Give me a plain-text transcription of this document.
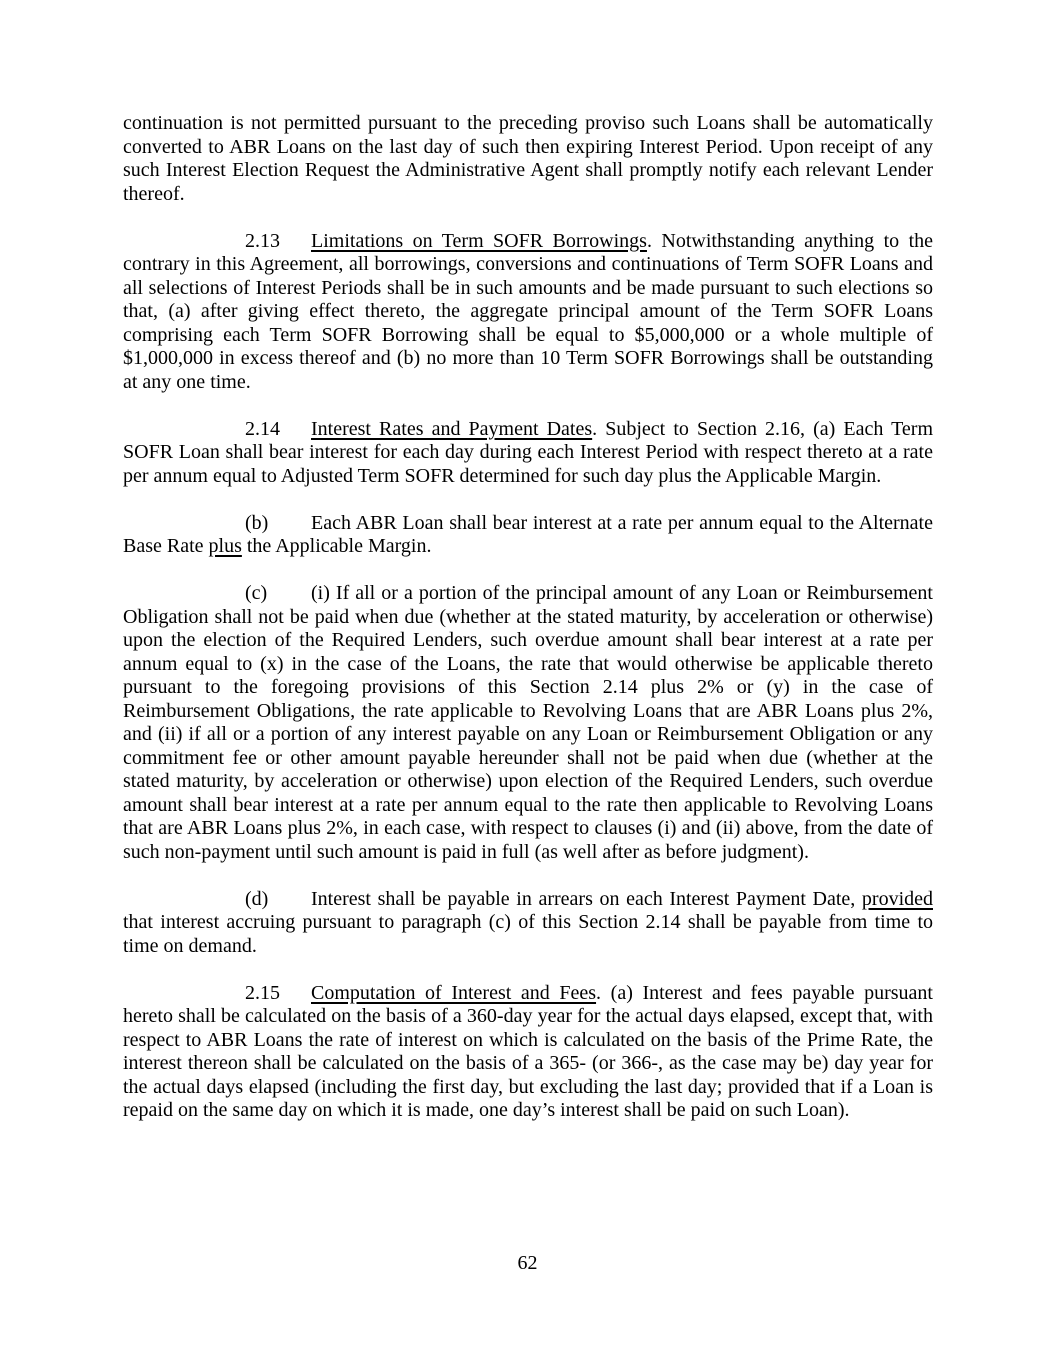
continuation is not permitted pursuant to the preceding proviso such Loans shall be automatically converted to ABR Loans on the last day of such then expiring Interest Period. Upon receipt of any such Interest Election Request the Administrative Agent shall promptly notify each relevant Lender thereof.

2.13 Limitations on Term SOFR Borrowings. Notwithstanding anything to the contrary in this Agreement, all borrowings, conversions and continuations of Term SOFR Loans and all selections of Interest Periods shall be in such amounts and be made pursuant to such elections so that, (a) after giving effect thereto, the aggregate principal amount of the Term SOFR Loans comprising each Term SOFR Borrowing shall be equal to $5,000,000 or a whole multiple of $1,000,000 in excess thereof and (b) no more than 10 Term SOFR Borrowings shall be outstanding at any one time.

2.14 Interest Rates and Payment Dates. Subject to Section 2.16, (a) Each Term SOFR Loan shall bear interest for each day during each Interest Period with respect thereto at a rate per annum equal to Adjusted Term SOFR determined for such day plus the Applicable Margin.

(b) Each ABR Loan shall bear interest at a rate per annum equal to the Alternate Base Rate plus the Applicable Margin.

(c) (i) If all or a portion of the principal amount of any Loan or Reimbursement Obligation shall not be paid when due (whether at the stated maturity, by acceleration or otherwise) upon the election of the Required Lenders, such overdue amount shall bear interest at a rate per annum equal to (x) in the case of the Loans, the rate that would otherwise be applicable thereto pursuant to the foregoing provisions of this Section 2.14 plus 2% or (y) in the case of Reimbursement Obligations, the rate applicable to Revolving Loans that are ABR Loans plus 2%, and (ii) if all or a portion of any interest payable on any Loan or Reimbursement Obligation or any commitment fee or other amount payable hereunder shall not be paid when due (whether at the stated maturity, by acceleration or otherwise) upon election of the Required Lenders, such overdue amount shall bear interest at a rate per annum equal to the rate then applicable to Revolving Loans that are ABR Loans plus 2%, in each case, with respect to clauses (i) and (ii) above, from the date of such non-payment until such amount is paid in full (as well after as before judgment).

(d) Interest shall be payable in arrears on each Interest Payment Date, provided that interest accruing pursuant to paragraph (c) of this Section 2.14 shall be payable from time to time on demand.

2.15 Computation of Interest and Fees. (a) Interest and fees payable pursuant hereto shall be calculated on the basis of a 360-day year for the actual days elapsed, except that, with respect to ABR Loans the rate of interest on which is calculated on the basis of the Prime Rate, the interest thereon shall be calculated on the basis of a 365- (or 366-, as the case may be) day year for the actual days elapsed (including the first day, but excluding the last day; provided that if a Loan is repaid on the same day on which it is made, one day’s interest shall be paid on such Loan).

62
